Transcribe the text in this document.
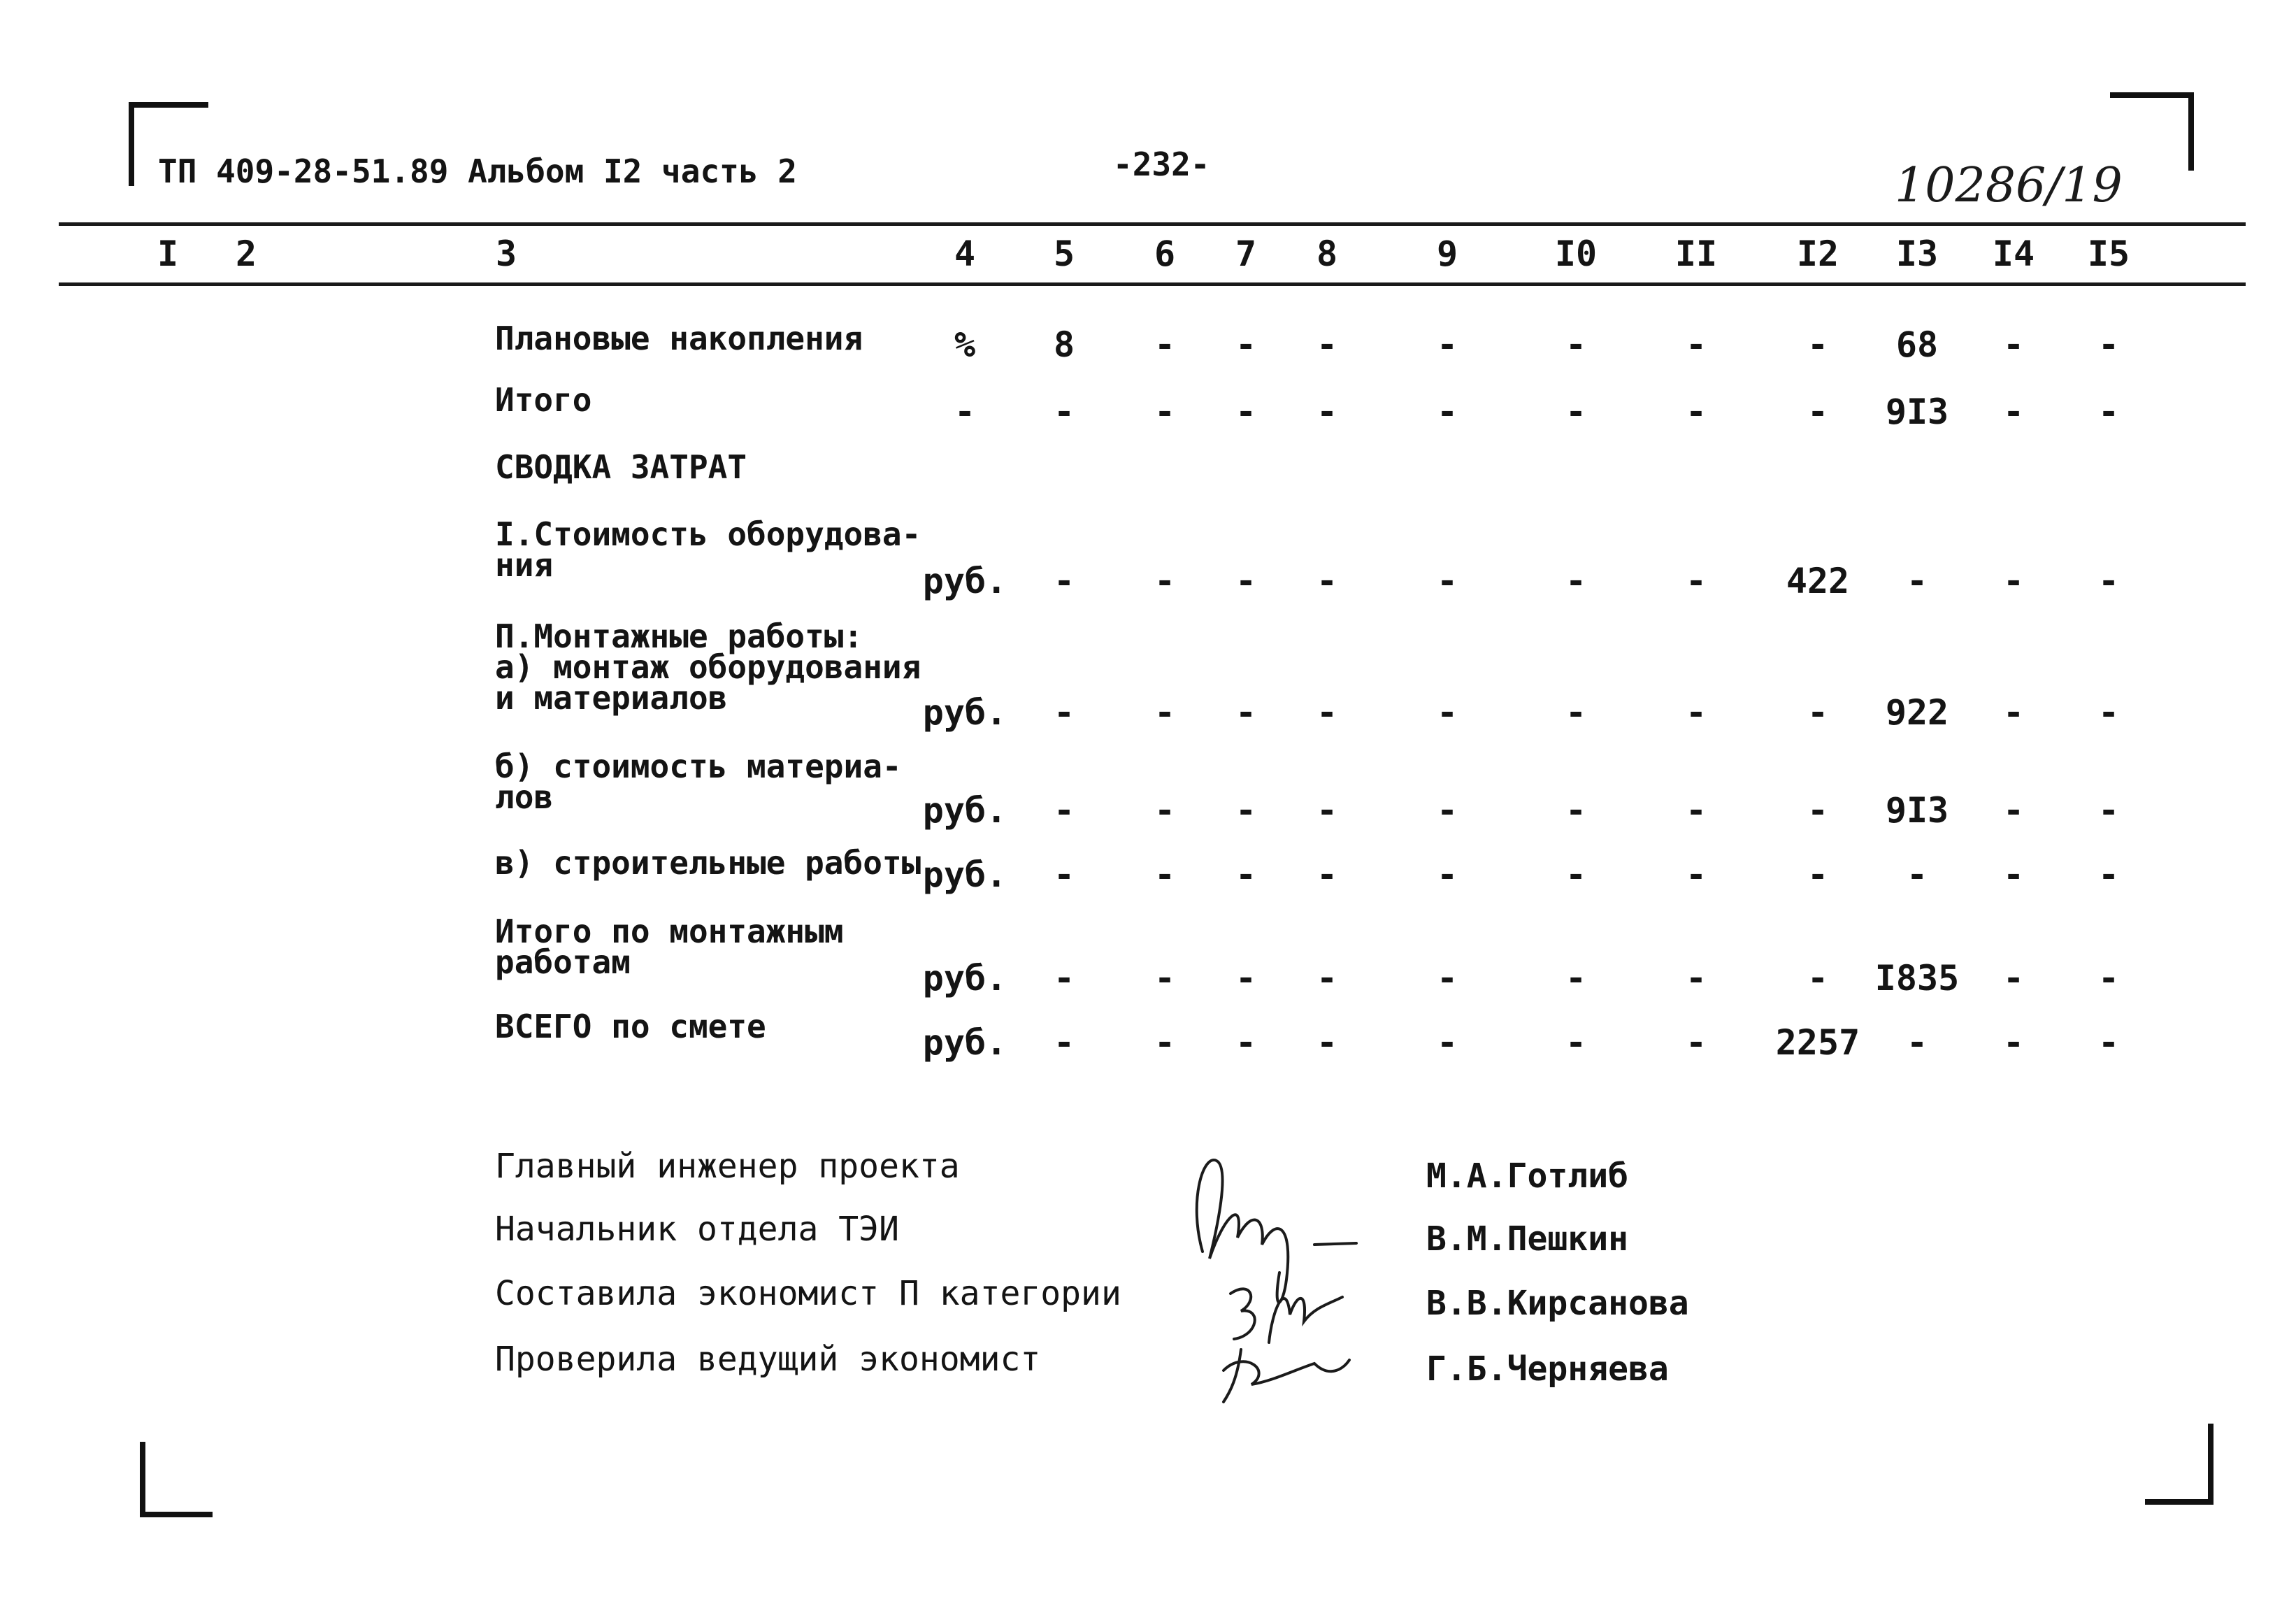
ТП 409-28-51.89 Альбом I2 часть 2	-232-	10286/19
I 2	3	4 5 6 7 8	9	I0 II I2 I3 I4 I5
Плановые накопления	% 8 - - -	-	-	-	- 68 - -
Итого	- - - - -	-	-	-	- 9I3 - -
СВОДКА ЗАТРАТ
I.Стоимость оборудова-
ния	руб. - - - -	-	-	- 422 - - -
П.Монтажные работы:
а) монтаж оборудования
и материалов	руб. - - - -	-	-	-	- 922 - -
б) стоимость материа-
лов	руб. - - - -	-	-	-	- 9I3 - -
в) строительные работы руб. - - - -	-	-	-	- - - -
Итого по монтажным
работам	руб. - - - -	-	-	-	- I835 - -
ВСЕГО по смете	руб. - - - -	-	-	- 2257 - - -
Главный инженер проекта	М.А.Готлиб
Начальник отдела ТЭИ	В.М.Пешкин
Составила экономист П категории	В.В.Кирсанова
Проверила ведущий экономист	Г.Б.Черняева
